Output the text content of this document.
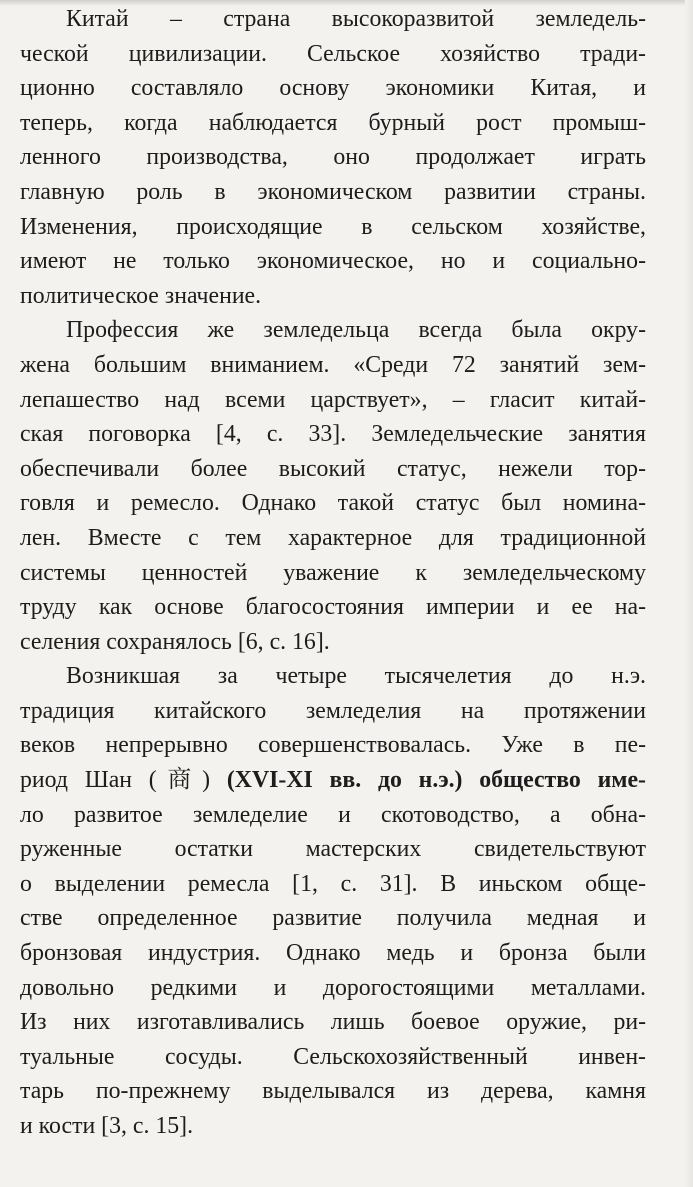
Китай – страна высокоразвитой земледель-
ческой цивилизации. Сельское хозяйство тради-
ционно составляло основу экономики Китая, и
теперь, когда наблюдается бурный рост промыш-
ленного производства, оно продолжает играть
главную роль в экономическом развитии страны.
Изменения, происходящие в сельском хозяйстве,
имеют не только экономическое, но и социально-
политическое значение.
Профессия же земледельца всегда была окру-
жена большим вниманием. «Среди 72 занятий зем-
лепашество над всеми царствует», – гласит китай-
ская поговорка [4, с. 33]. Земледельческие занятия
обеспечивали более высокий статус, нежели тор-
говля и ремесло. Однако такой статус был номина-
лен. Вместе с тем характерное для традиционной
системы ценностей уважение к земледельческому
труду как основе благосостояния империи и ее на-
селения сохранялось [6, с. 16].
Возникшая за четыре тысячелетия до н.э.
традиция китайского земледелия на протяжении
веков непрерывно совершенствовалась. Уже в пе-
риод Шан (商) (XVI-XI вв. до н.э.) общество име-
ло развитое земледелие и скотоводство, а обна-
руженные остатки мастерских свидетельствуют
о выделении ремесла [1, с. 31]. В иньском обще-
стве определенное развитие получила медная и
бронзовая индустрия. Однако медь и бронза были
довольно редкими и дорогостоящими металлами.
Из них изготавливались лишь боевое оружие, ри-
туальные сосуды. Сельскохозяйственный инвен-
тарь по-прежнему выделывался из дерева, камня
и кости [3, с. 15].
